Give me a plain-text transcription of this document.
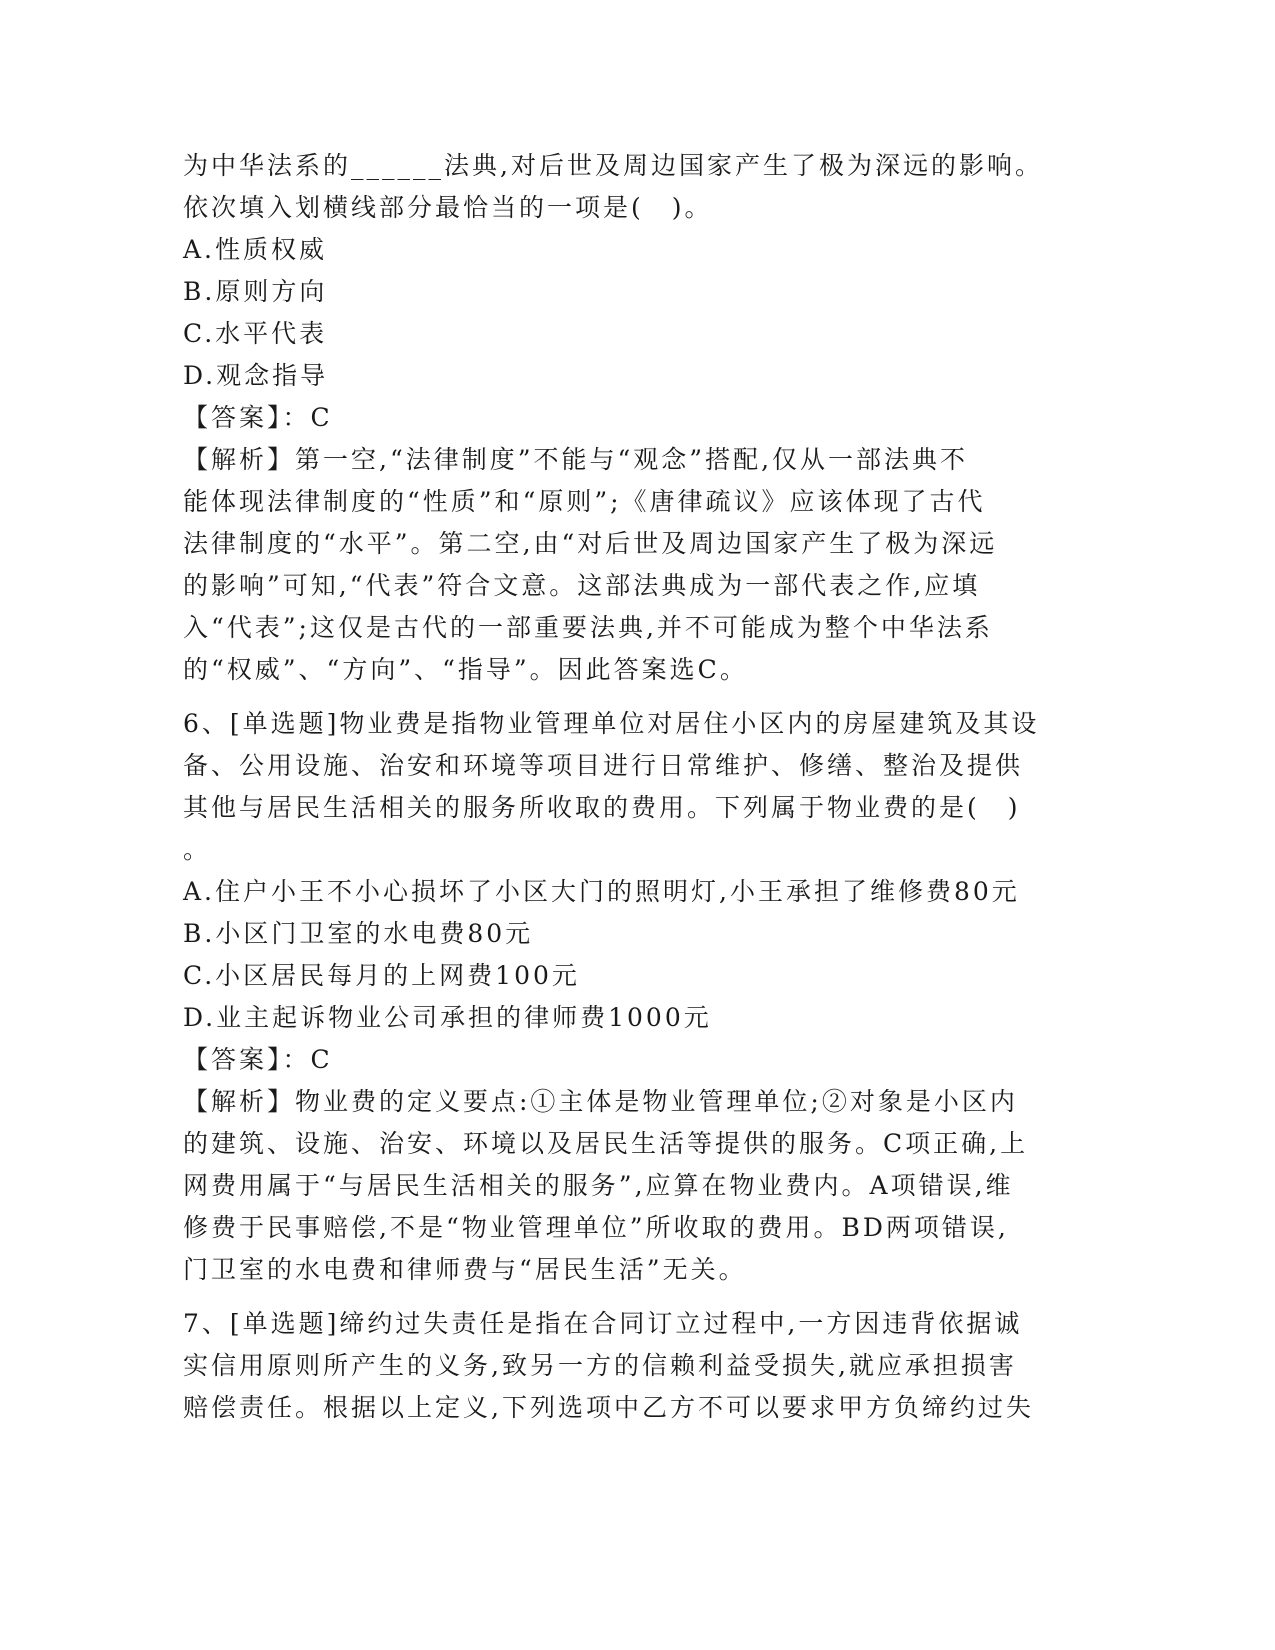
为中华法系的______法典,对后世及周边国家产生了极为深远的影响。
依次填入划横线部分最恰当的一项是(　)。
A.性质权威
B.原则方向
C.水平代表
D.观念指导
【答案】：C
【解析】第一空,“法律制度”不能与“观念”搭配,仅从一部法典不
能体现法律制度的“性质”和“原则”;《唐律疏议》应该体现了古代
法律制度的“水平”。第二空,由“对后世及周边国家产生了极为深远
的影响”可知,“代表”符合文意。这部法典成为一部代表之作,应填
入“代表”;这仅是古代的一部重要法典,并不可能成为整个中华法系
的“权威”、“方向”、“指导”。因此答案选C。
6、[单选题]物业费是指物业管理单位对居住小区内的房屋建筑及其设
备、公用设施、治安和环境等项目进行日常维护、修缮、整治及提供
其他与居民生活相关的服务所收取的费用。下列属于物业费的是(　)
。
A.住户小王不小心损坏了小区大门的照明灯,小王承担了维修费80元
B.小区门卫室的水电费80元
C.小区居民每月的上网费100元
D.业主起诉物业公司承担的律师费1000元
【答案】：C
【解析】物业费的定义要点:①主体是物业管理单位;②对象是小区内
的建筑、设施、治安、环境以及居民生活等提供的服务。C项正确,上
网费用属于“与居民生活相关的服务”,应算在物业费内。A项错误,维
修费于民事赔偿,不是“物业管理单位”所收取的费用。BD两项错误,
门卫室的水电费和律师费与“居民生活”无关。
7、[单选题]缔约过失责任是指在合同订立过程中,一方因违背依据诚
实信用原则所产生的义务,致另一方的信赖利益受损失,就应承担损害
赔偿责任。根据以上定义,下列选项中乙方不可以要求甲方负缔约过失
